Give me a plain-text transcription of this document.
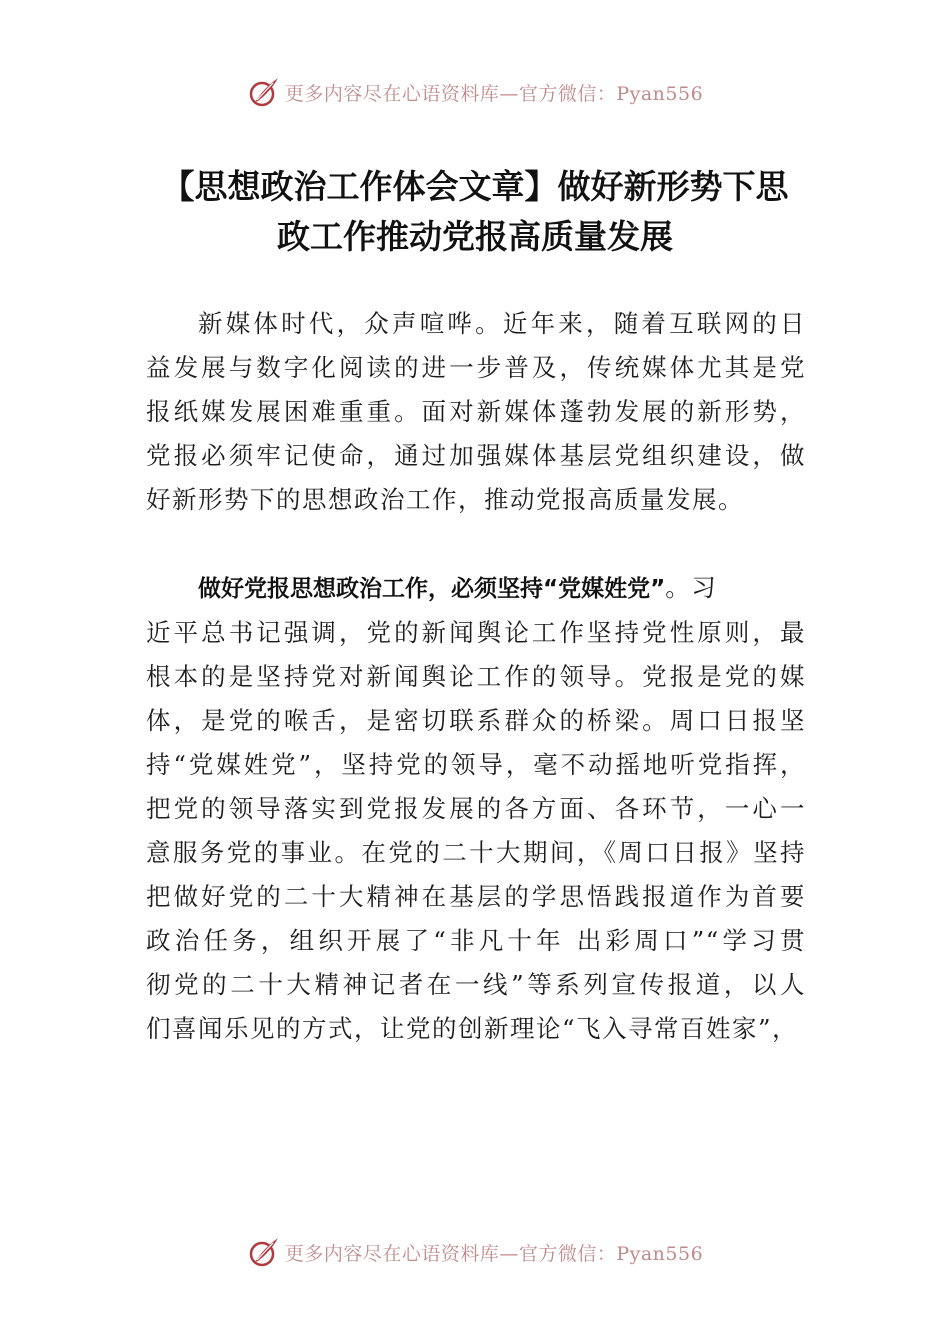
更多内容尽在心语资料库—官方微信：Pyan556
【思想政治工作体会文章】做好新形势下思
政工作推动党报高质量发展
新媒体时代，众声喧哗。近年来，随着互联网的日
益发展与数字化阅读的进一步普及，传统媒体尤其是党
报纸媒发展困难重重。面对新媒体蓬勃发展的新形势，
党报必须牢记使命，通过加强媒体基层党组织建设，做
好新形势下的思想政治工作，推动党报高质量发展。
做好党报思想政治工作，必须坚持“党媒姓党”。习
近平总书记强调，党的新闻舆论工作坚持党性原则，最
根本的是坚持党对新闻舆论工作的领导。党报是党的媒
体，是党的喉舌，是密切联系群众的桥梁。周口日报坚
持“党媒姓党”，坚持党的领导，毫不动摇地听党指挥，
把党的领导落实到党报发展的各方面、各环节，一心一
意服务党的事业。在党的二十大期间，《周口日报》坚持
把做好党的二十大精神在基层的学思悟践报道作为首要
政治任务，组织开展了“非凡十年 出彩周口”“学习贯
彻党的二十大精神记者在一线”等系列宣传报道，以人
们喜闻乐见的方式，让党的创新理论“飞入寻常百姓家”，
更多内容尽在心语资料库—官方微信：Pyan556
